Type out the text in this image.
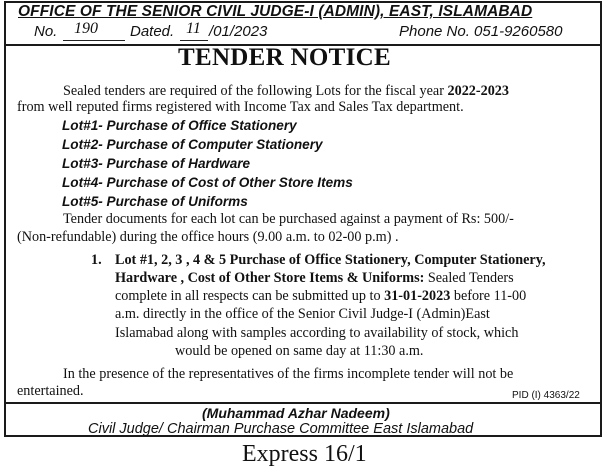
OFFICE OF THE SENIOR CIVIL JUDGE-I (ADMIN), EAST, ISLAMABAD
No. 190 Dated. 11 /01/2023	Phone No. 051-9260580
TENDER NOTICE
Sealed tenders are required of the following Lots for the fiscal year 2022-2023
from well reputed firms registered with Income Tax and Sales Tax department.
Lot#1- Purchase of Office Stationery
Lot#2- Purchase of Computer Stationery
Lot#3- Purchase of Hardware
Lot#4- Purchase of Cost of Other Store Items
Lot#5- Purchase of Uniforms
Tender documents for each lot can be purchased against a payment of Rs: 500/-
(Non-refundable) during the office hours (9.00 a.m. to 02-00 p.m) .
1. Lot #1, 2, 3 , 4 & 5 Purchase of Office Stationery, Computer Stationery,
Hardware , Cost of Other Store Items & Uniforms: Sealed Tenders
complete in all respects can be submitted up to 31-01-2023 before 11-00
a.m. directly in the office of the Senior Civil Judge-I (Admin)East
Islamabad along with samples according to availability of stock, which
would be opened on same day at 11:30 a.m.
In the presence of the representatives of the firms incomplete tender will not be
entertained.	PID (I) 4363/22
(Muhammad Azhar Nadeem)
Civil Judge/ Chairman Purchase Committee East Islamabad
Express 16/1
